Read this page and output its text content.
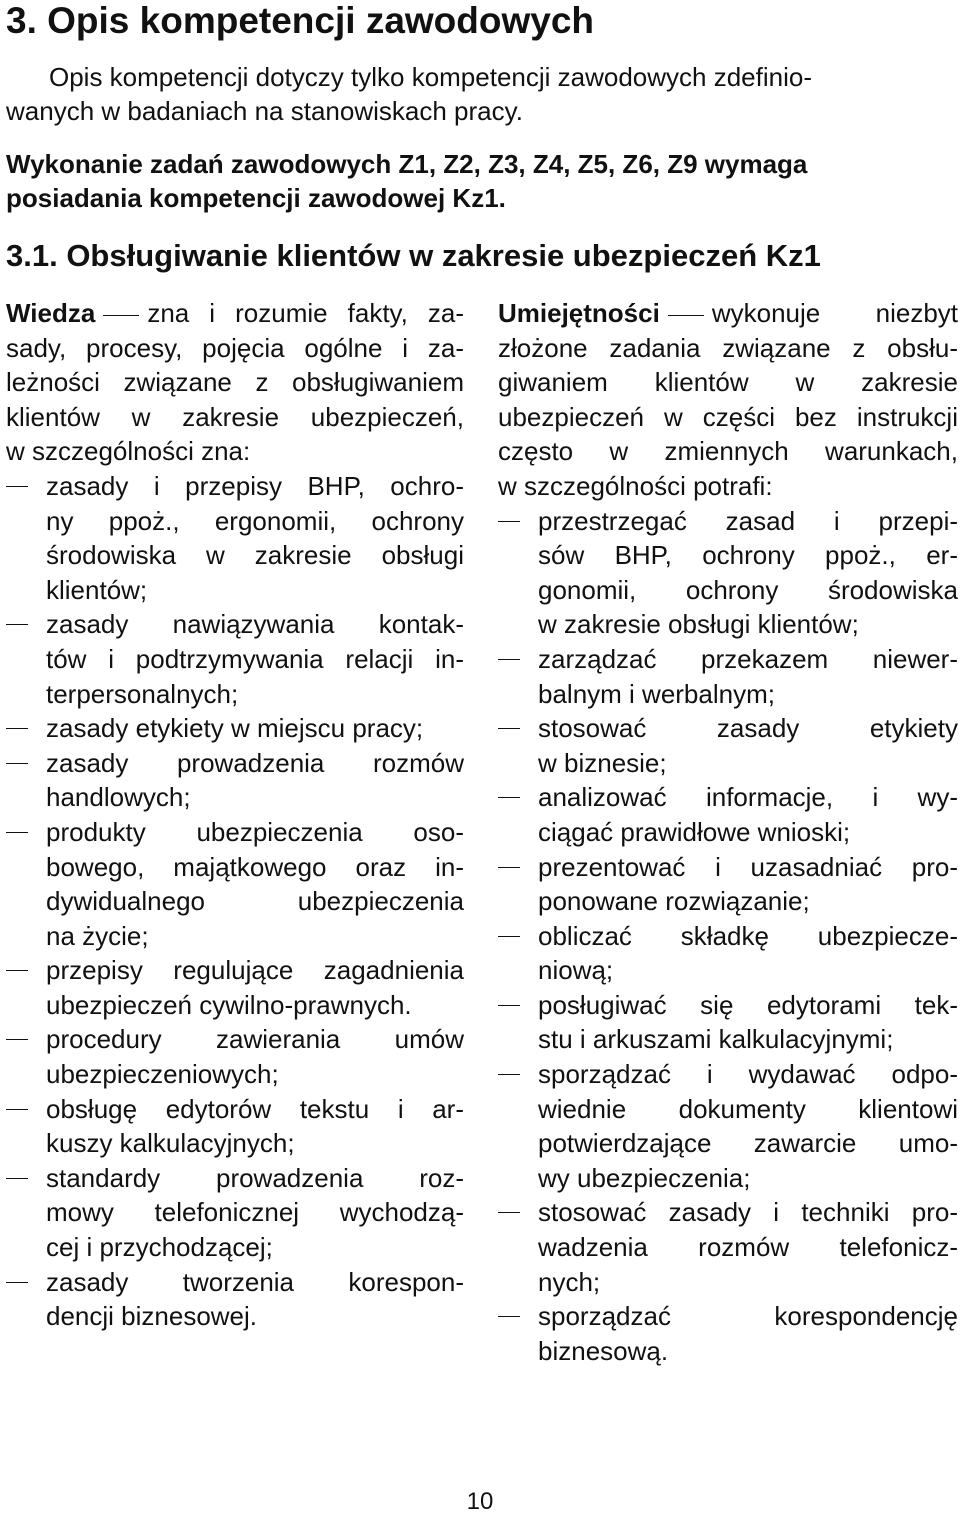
3. Opis kompetencji zawodowych
Opis kompetencji dotyczy tylko kompetencji zawodowych zdefinio-
wanych w badaniach na stanowiskach pracy.
Wykonanie zadań zawodowych Z1, Z2, Z3, Z4, Z5, Z6, Z9 wymaga
posiadania kompetencji zawodowej Kz1.
3.1. Obsługiwanie klientów w zakresie ubezpieczeń Kz1
Wiedza zna i rozumie fakty, za-
sady, procesy, pojęcia ogólne i za-
leżności związane z obsługiwaniem
klientów w zakresie ubezpieczeń,
w szczególności zna:
zasady i przepisy BHP, ochro-
ny ppoż., ergonomii, ochrony
środowiska w zakresie obsługi
klientów;
zasady nawiązywania kontak-
tów i podtrzymywania relacji in-
terpersonalnych;
zasady etykiety w miejscu pracy;
zasady prowadzenia rozmów
handlowych;
produkty ubezpieczenia oso-
bowego, majątkowego oraz in-
dywidualnego ubezpieczenia
na życie;
przepisy regulujące zagadnienia
ubezpieczeń cywilno-prawnych.
procedury zawierania umów
ubezpieczeniowych;
obsługę edytorów tekstu i ar-
kuszy kalkulacyjnych;
standardy prowadzenia roz-
mowy telefonicznej wychodzą-
cej i przychodzącej;
zasady tworzenia korespon-
dencji biznesowej.
Umiejętności wykonuje niezbyt
złożone zadania związane z obsłu-
giwaniem klientów w zakresie
ubezpieczeń w części bez instrukcji
często w zmiennych warunkach,
w szczególności potrafi:
przestrzegać zasad i przepi-
sów BHP, ochrony ppoż., er-
gonomii, ochrony środowiska
w zakresie obsługi klientów;
zarządzać przekazem niewer-
balnym i werbalnym;
stosować zasady etykiety
w biznesie;
analizować informacje, i wy-
ciągać prawidłowe wnioski;
prezentować i uzasadniać pro-
ponowane rozwiązanie;
obliczać składkę ubezpiecze-
niową;
posługiwać się edytorami tek-
stu i arkuszami kalkulacyjnymi;
sporządzać i wydawać odpo-
wiednie dokumenty klientowi
potwierdzające zawarcie umo-
wy ubezpieczenia;
stosować zasady i techniki pro-
wadzenia rozmów telefonicz-
nych;
sporządzać korespondencję
biznesową.
10
